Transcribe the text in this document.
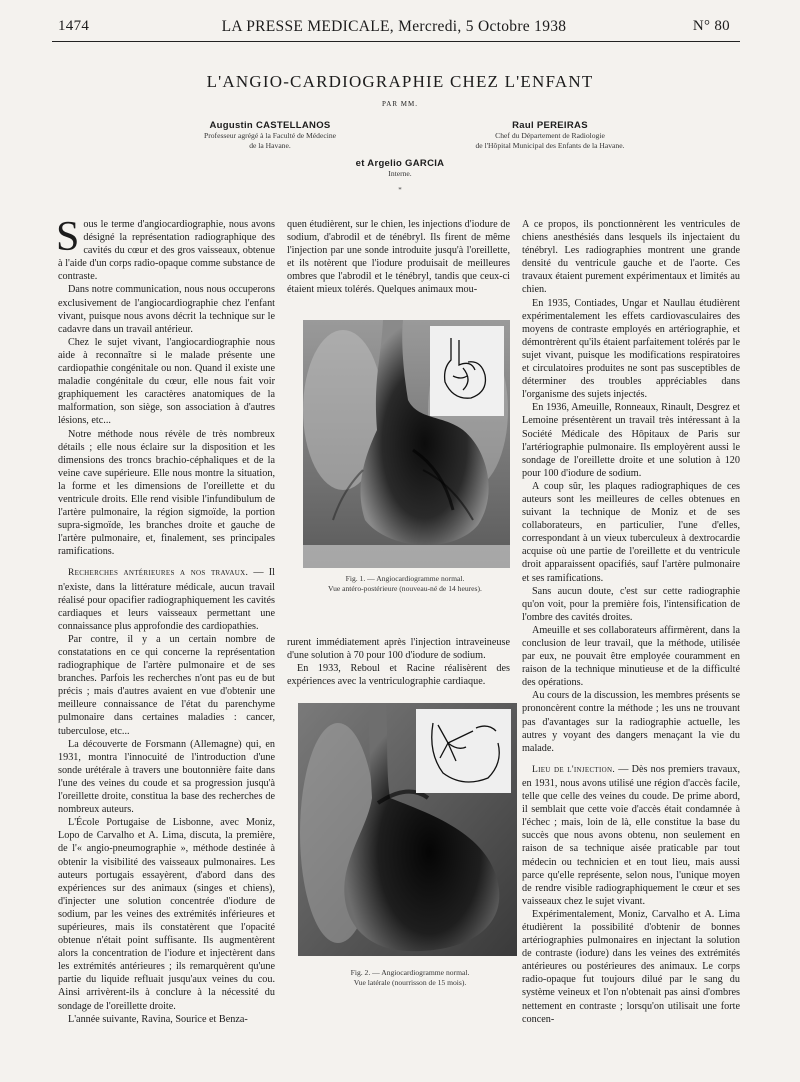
1474	LA PRESSE MEDICALE, Mercredi, 5 Octobre 1938	N° 80
L'ANGIO-CARDIOGRAPHIE CHEZ L'ENFANT
PAR MM.
Augustin CASTELLANOS
Professeur agrégé à la Faculté de Médecine
de la Havane.
Raul PEREIRAS
Chef du Département de Radiologie
de l'Hôpital Municipal des Enfants de la Havane.
et Argelio GARCIA
Interne.
*

Sous le terme d'angiocardiographie, nous avons désigné la représentation radiographique des cavités du cœur et des gros vaisseaux, obtenue à l'aide d'un corps radio-opaque comme substance de contraste.

Dans notre communication, nous nous occuperons exclusivement de l'angiocardiographie chez l'enfant vivant, puisque nous avons décrit la technique sur le cadavre dans un travail antérieur.

Chez le sujet vivant, l'angiocardiographie nous aide à reconnaître si le malade présente une cardiopathie congénitale ou non. Quand il existe une maladie congénitale du cœur, elle nous fait voir graphiquement les caractères anatomiques de la malformation, son siège, son association à d'autres lésions, etc...

Notre méthode nous révèle de très nombreux détails ; elle nous éclaire sur la disposition et les dimensions des troncs brachio-céphaliques et de la veine cave supérieure. Elle nous montre la situation, la forme et les dimensions de l'oreillette et du ventricule droits. Elle rend visible l'infundibulum de l'artère pulmonaire, la région sigmoïde, la portion supra-sigmoïde, les branches droite et gauche de l'artère pulmonaire, et, finalement, ses principales ramifications.

Recherches antérieures a nos travaux. — Il n'existe, dans la littérature médicale, aucun travail réalisé pour opacifier radiographiquement les cavités cardiaques et leurs vaisseaux permettant une connaissance plus approfondie des cardiopathies.

Par contre, il y a un certain nombre de constatations en ce qui concerne la représentation radiographique de l'artère pulmonaire et de ses branches. Parfois les recherches n'ont pas eu de but précis ; mais d'autres avaient en vue d'obtenir une meilleure connaissance de l'état du parenchyme pulmonaire dans certaines maladies : cancer, tuberculose, etc...

La découverte de Forsmann (Allemagne) qui, en 1931, montra l'innocuité de l'introduction d'une sonde urétérale à travers une boutonnière faite dans l'une des veines du coude et sa progression jusqu'à l'oreillette droite, constitua la base des recherches de nombreux auteurs.

L'École Portugaise de Lisbonne, avec Moniz, Lopo de Carvalho et A. Lima, discuta, la première, de l'« angio-pneumographie », méthode destinée à obtenir la visibilité des vaisseaux pulmonaires. Les auteurs portugais essayèrent, d'abord dans des expériences sur des animaux (singes et chiens), d'injecter une solution concentrée d'iodure de sodium, par les veines des extrémités inférieures et supérieures, mais ils constatèrent que l'opacité obtenue n'était point suffisante. Ils augmentèrent alors la concentration de l'iodure et injectèrent dans les extrémités antérieures ; ils remarquèrent qu'une partie du liquide refluait jusqu'aux veines du cou. Ainsi arrivèrent-ils à conclure à la nécessité du sondage de l'oreillette droite.

L'année suivante, Ravina, Sourice et Benza-

quen étudièrent, sur le chien, les injections d'iodure de sodium, d'abrodil et de ténébryl. Ils firent de même l'injection par une sonde introduite jusqu'à l'oreillette, et ils notèrent que l'iodure produisait de meilleures ombres que l'abrodil et le ténébryl, tandis que ceux-ci étaient mieux tolérés. Quelques animaux mou-

Fig. 1. — Angiocardiogramme normal.
Vue antéro-postérieure (nouveau-né de 14 heures).

rurent immédiatement après l'injection intraveineuse d'une solution à 70 pour 100 d'iodure de sodium.

En 1933, Reboul et Racine réalisèrent des expériences avec la ventriculographie cardiaque.

Fig. 2. — Angiocardiogramme normal.
Vue latérale (nourrisson de 15 mois).

A ce propos, ils ponctionnèrent les ventricules de chiens anesthésiés dans lesquels ils injectaient du ténébryl. Les radiographies montrent une grande densité du ventricule gauche et de l'aorte. Ces travaux étaient purement expérimentaux et limités au chien.

En 1935, Contiades, Ungar et Naullau étudièrent expérimentalement les effets cardiovasculaires des moyens de contraste employés en artériographie, et démontrèrent qu'ils étaient parfaitement tolérés par le sujet vivant, puisque les modifications respiratoires et circulatoires produites ne sont pas susceptibles de déterminer des troubles appréciables dans l'organisme des sujets injectés.

En 1936, Ameuille, Ronneaux, Rinault, Desgrez et Lemoine présentèrent un travail très intéressant à la Société Médicale des Hôpitaux de Paris sur l'artériographie pulmonaire. Ils employèrent aussi le sondage de l'oreillette droite et une solution à 120 pour 100 d'iodure de sodium.

A coup sûr, les plaques radiographiques de ces auteurs sont les meilleures de celles obtenues en suivant la technique de Moniz et de ses collaborateurs, en particulier, l'une d'elles, correspondant à un vieux tuberculeux à dextrocardie acquise où une partie de l'oreillette et du ventricule droit apparaissent opacifiés, sauf l'artère pulmonaire et ses ramifications.

Sans aucun doute, c'est sur cette radiographie qu'on voit, pour la première fois, l'intensification de l'ombre des cavités droites.

Ameuille et ses collaborateurs affirmèrent, dans la conclusion de leur travail, que la méthode, utilisée par eux, ne pouvait être employée couramment en raison de la technique minutieuse et de la difficulté des opérations.

Au cours de la discussion, les membres présents se prononcèrent contre la méthode ; les uns ne trouvant pas d'avantages sur la radiographie actuelle, les autres y voyant des dangers menaçant la vie du malade.

Lieu de l'injection. — Dès nos premiers travaux, en 1931, nous avons utilisé une région d'accès facile, telle que celle des veines du coude. De prime abord, il semblait que cette voie d'accès était condamnée à l'échec ; mais, loin de là, elle constitue la base du succès que nous avons obtenu, non seulement en raison de sa technique aisée praticable par tout médecin ou technicien et en tout lieu, mais aussi parce qu'elle représente, selon nous, l'unique moyen de rendre visible radiographiquement le cœur et ses vaisseaux chez le sujet vivant.

Expérimentalement, Moniz, Carvalho et A. Lima étudièrent la possibilité d'obtenir de bonnes artériographies pulmonaires en injectant la solution de contraste (iodure) dans les veines des extrémités antérieures ou postérieures des animaux. Le corps radio-opaque fut toujours dilué par le sang du système veineux et l'on n'obtenait pas ainsi d'ombres nettement en contraste ; lorsqu'on utilisait une forte concen-
